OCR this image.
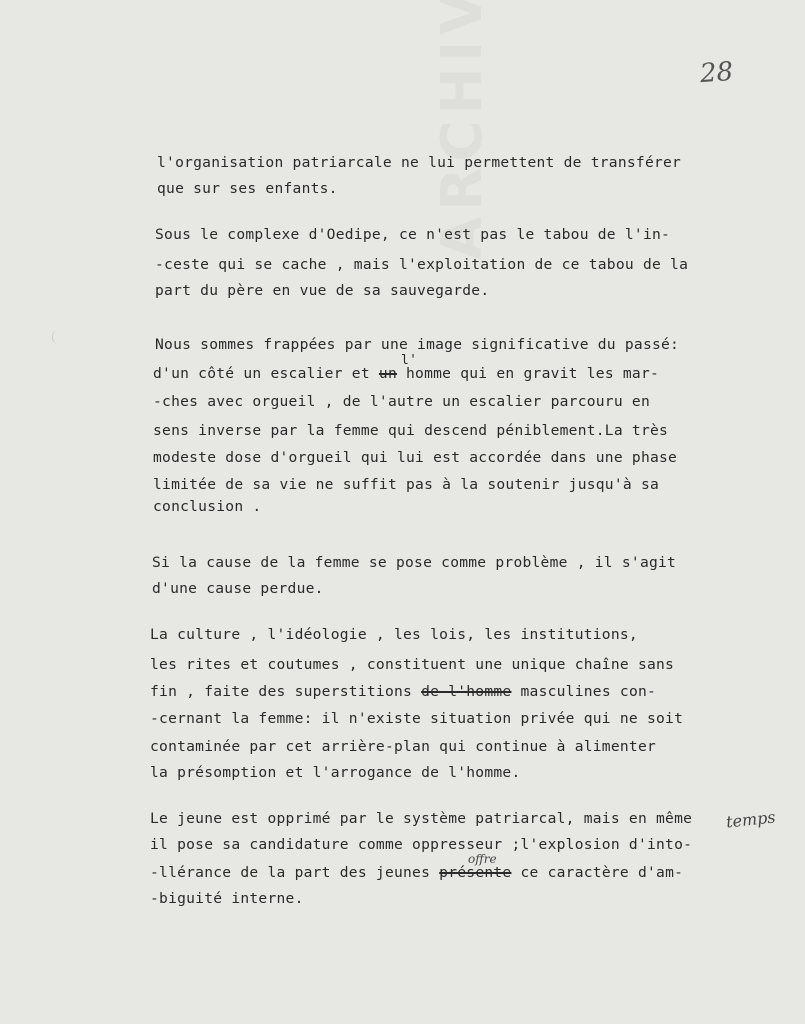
28
l'organisation patriarcale ne lui permettent de transférer
que sur ses enfants.
Sous le complexe d'Oedipe, ce n'est pas le tabou de l'in-
-ceste qui se cache , mais l'exploitation de ce tabou de la
part du père en vue de sa sauvegarde.
Nous sommes frappées par une image significative du passé:
l'
d'un côté un escalier et un homme qui en gravit les mar-
-ches avec orgueil , de l'autre un escalier parcouru en
sens inverse par la femme qui descend péniblement.La très
modeste dose d'orgueil qui lui est accordée dans une phase
limitée de sa vie ne suffit pas à la soutenir jusqu'à sa
conclusion .
Si la cause de la femme se pose comme problème , il s'agit
d'une cause perdue.
La culture , l'idéologie , les lois, les institutions,
les rites et coutumes , constituent une unique chaîne sans
fin , faite des superstitions de l'homme masculines con-
-cernant la femme: il n'existe situation privée qui ne soit
contaminée par cet arrière-plan qui continue à alimenter
la présomption et l'arrogance de l'homme.
Le jeune est opprimé par le système patriarcal, mais en même temps
il pose sa candidature comme oppresseur ;l'explosion d'into-
offre
-llérance de la part des jeunes présente ce caractère d'am-
-biguité interne.
